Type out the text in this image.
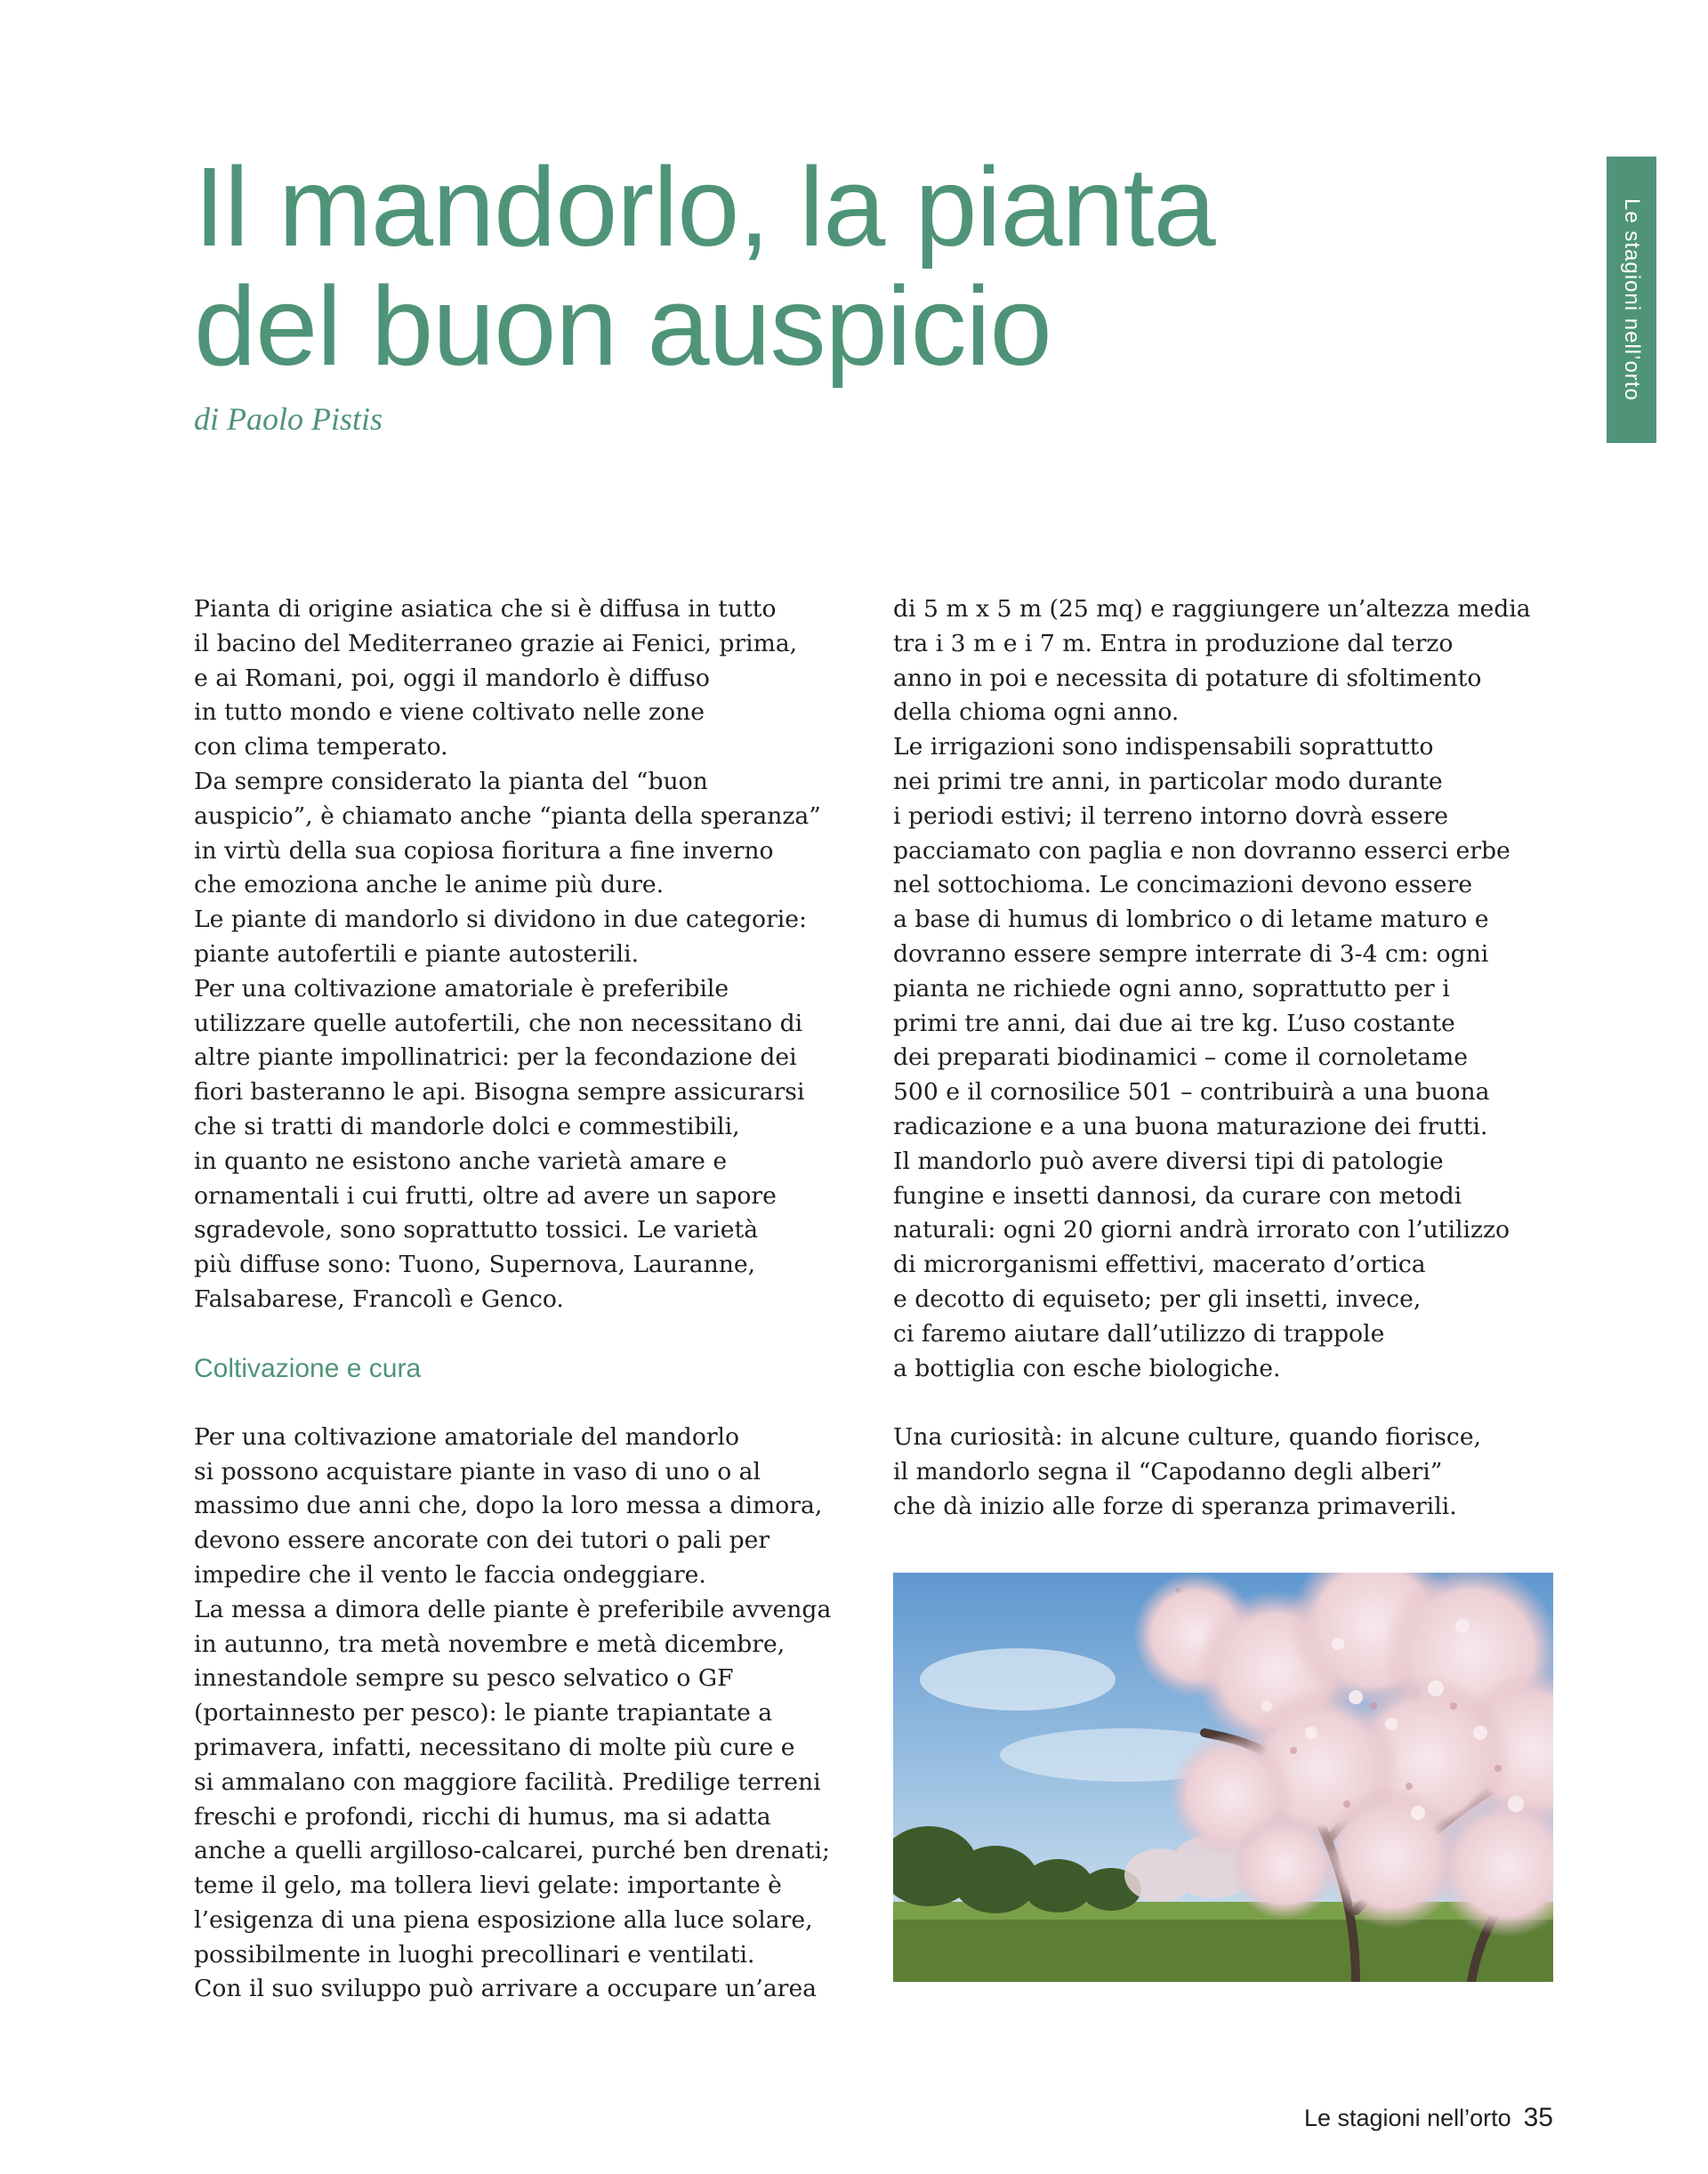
Le stagioni nell’orto
Il mandorlo, la pianta
del buon auspicio
di Paolo Pistis

Pianta di origine asiatica che si è diffusa in tutto
il bacino del Mediterraneo grazie ai Fenici, prima,
e ai Romani, poi, oggi il mandorlo è diffuso
in tutto mondo e viene coltivato nelle zone
con clima temperato.

Da sempre considerato la pianta del “buon
auspicio”, è chiamato anche “pianta della speranza”
in virtù della sua copiosa fioritura a fine inverno
che emoziona anche le anime più dure.

Le piante di mandorlo si dividono in due categorie:
piante autofertili e piante autosterili.

Per una coltivazione amatoriale è preferibile
utilizzare quelle autofertili, che non necessitano di
altre piante impollinatrici: per la fecondazione dei
fiori basteranno le api. Bisogna sempre assicurarsi
che si tratti di mandorle dolci e commestibili,
in quanto ne esistono anche varietà amare e
ornamentali i cui frutti, oltre ad avere un sapore
sgradevole, sono soprattutto tossici. Le varietà
più diffuse sono: Tuono, Supernova, Lauranne,
Falsabarese, Francolì e Genco.

Coltivazione e cura

Per una coltivazione amatoriale del mandorlo
si possono acquistare piante in vaso di uno o al
massimo due anni che, dopo la loro messa a dimora,
devono essere ancorate con dei tutori o pali per
impedire che il vento le faccia ondeggiare.

La messa a dimora delle piante è preferibile avvenga
in autunno, tra metà novembre e metà dicembre,
innestandole sempre su pesco selvatico o GF
(portainnesto per pesco): le piante trapiantate a
primavera, infatti, necessitano di molte più cure e
si ammalano con maggiore facilità. Predilige terreni
freschi e profondi, ricchi di humus, ma si adatta
anche a quelli argilloso-calcarei, purché ben drenati;
teme il gelo, ma tollera lievi gelate: importante è
l’esigenza di una piena esposizione alla luce solare,
possibilmente in luoghi precollinari e ventilati.

Con il suo sviluppo può arrivare a occupare un’area

di 5 m x 5 m (25 mq) e raggiungere un’altezza media
tra i 3 m e i 7 m. Entra in produzione dal terzo
anno in poi e necessita di potature di sfoltimento
della chioma ogni anno.

Le irrigazioni sono indispensabili soprattutto
nei primi tre anni, in particolar modo durante
i periodi estivi; il terreno intorno dovrà essere
pacciamato con paglia e non dovranno esserci erbe
nel sottochioma. Le concimazioni devono essere
a base di humus di lombrico o di letame maturo e
dovranno essere sempre interrate di 3-4 cm: ogni
pianta ne richiede ogni anno, soprattutto per i
primi tre anni, dai due ai tre kg. L’uso costante
dei preparati biodinamici – come il cornoletame
500 e il cornosilice 501 – contribuirà a una buona
radicazione e a una buona maturazione dei frutti.

Il mandorlo può avere diversi tipi di patologie
fungine e insetti dannosi, da curare con metodi
naturali: ogni 20 giorni andrà irrorato con l’utilizzo
di microrganismi effettivi, macerato d’ortica
e decotto di equiseto; per gli insetti, invece,
ci faremo aiutare dall’utilizzo di trappole
a bottiglia con esche biologiche.

Una curiosità: in alcune culture, quando fiorisce,
il mandorlo segna il “Capodanno degli alberi”
che dà inizio alle forze di speranza primaverili.

Le stagioni nell’orto 35
